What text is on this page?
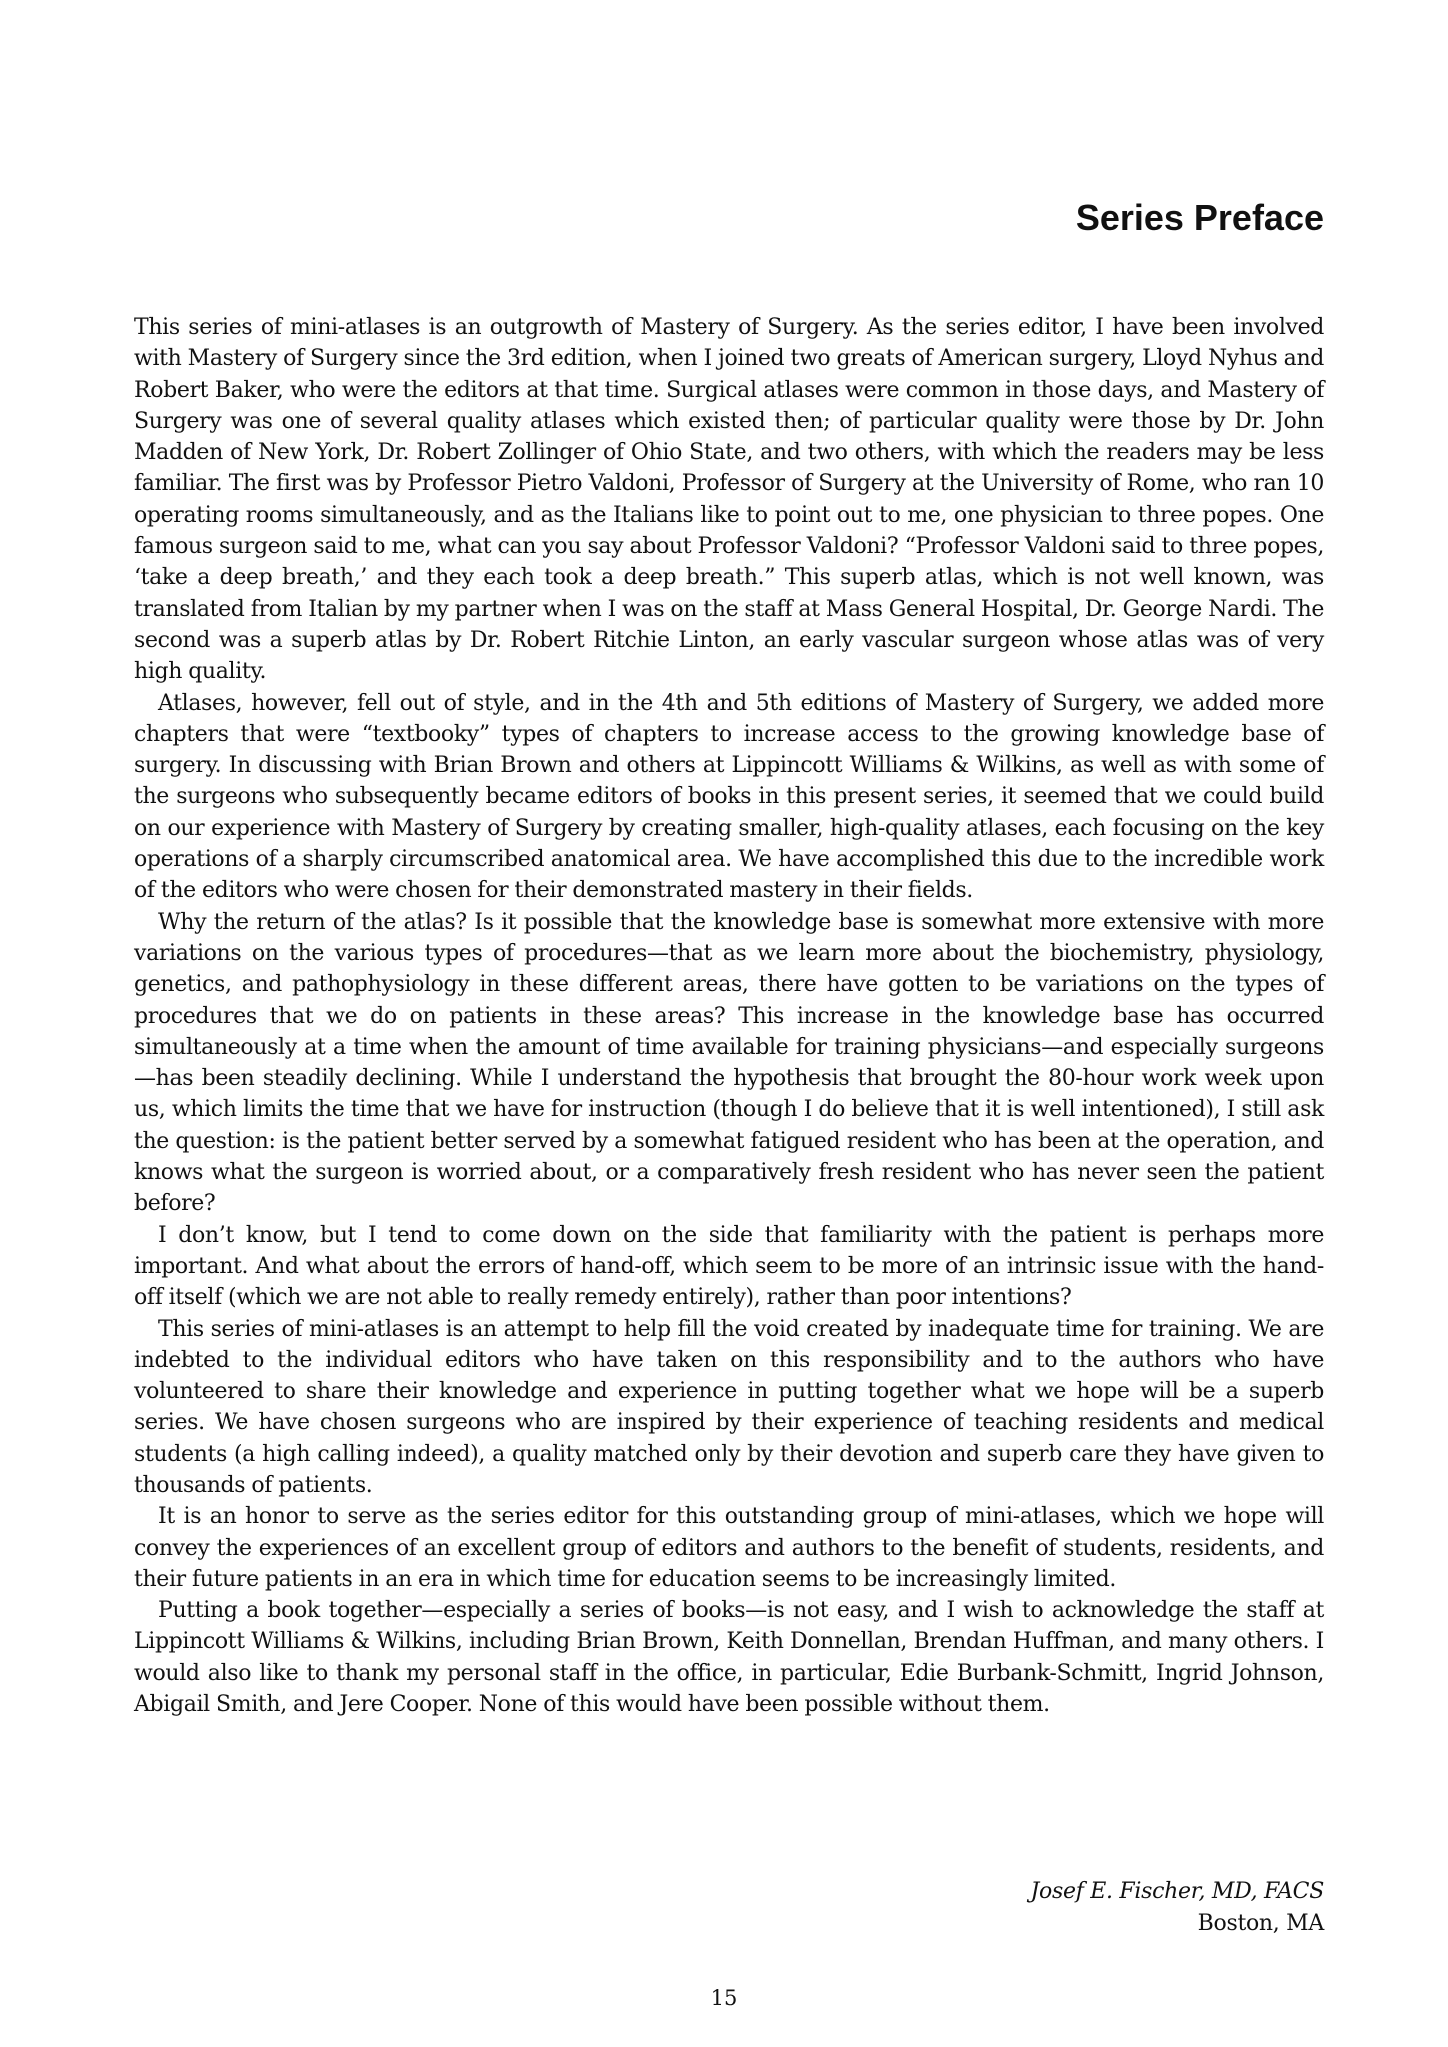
Series Preface

This series of mini-atlases is an outgrowth of Mastery of Surgery. As the series editor, I have been involved with Mastery of Surgery since the 3rd edition, when I joined two greats of American surgery, Lloyd Nyhus and Robert Baker, who were the editors at that time. Surgical atlases were common in those days, and Mastery of Surgery was one of several quality atlases which existed then; of particular quality were those by Dr. John Madden of New York, Dr. Robert Zollinger of Ohio State, and two others, with which the readers may be less familiar. The first was by Professor Pietro Valdoni, Professor of Surgery at the University of Rome, who ran 10 operating rooms simultaneously, and as the Italians like to point out to me, one physician to three popes. One famous surgeon said to me, what can you say about Professor Valdoni? “Professor Valdoni said to three popes, ‘take a deep breath,’ and they each took a deep breath.” This superb atlas, which is not well known, was translated from Italian by my partner when I was on the staff at Mass General Hospital, Dr. George Nardi. The second was a superb atlas by Dr. Robert Ritchie Linton, an early vascular surgeon whose atlas was of very high quality.

Atlases, however, fell out of style, and in the 4th and 5th editions of Mastery of Surgery, we added more chapters that were “textbooky” types of chapters to increase access to the growing knowledge base of surgery. In discussing with Brian Brown and others at Lippincott Williams & Wilkins, as well as with some of the surgeons who subsequently became editors of books in this present series, it seemed that we could build on our experience with Mastery of Surgery by creating smaller, high-quality atlases, each focusing on the key operations of a sharply circumscribed anatomical area. We have accomplished this due to the incredible work of the editors who were chosen for their demonstrated mastery in their fields.

Why the return of the atlas? Is it possible that the knowledge base is somewhat more extensive with more variations on the various types of procedures—that as we learn more about the biochemistry, physiology, genetics, and pathophysiology in these different areas, there have gotten to be variations on the types of procedures that we do on patients in these areas? This increase in the knowledge base has occurred simultaneously at a time when the amount of time available for training physicians—and especially surgeons—has been steadily declining. While I understand the hypothesis that brought the 80-hour work week upon us, which limits the time that we have for instruction (though I do believe that it is well intentioned), I still ask the question: is the patient better served by a somewhat fatigued resident who has been at the operation, and knows what the surgeon is worried about, or a comparatively fresh resident who has never seen the patient before?

I don’t know, but I tend to come down on the side that familiarity with the patient is perhaps more important. And what about the errors of hand-off, which seem to be more of an intrinsic issue with the hand-off itself (which we are not able to really remedy entirely), rather than poor intentions?

This series of mini-atlases is an attempt to help fill the void created by inadequate time for training. We are indebted to the individual editors who have taken on this responsibility and to the authors who have volunteered to share their knowledge and experience in putting together what we hope will be a superb series. We have chosen surgeons who are inspired by their experience of teaching residents and medical students (a high calling indeed), a quality matched only by their devotion and superb care they have given to thousands of patients.

It is an honor to serve as the series editor for this outstanding group of mini-atlases, which we hope will convey the experiences of an excellent group of editors and authors to the benefit of students, residents, and their future patients in an era in which time for education seems to be increasingly limited.

Putting a book together—especially a series of books—is not easy, and I wish to acknowledge the staff at Lippincott Williams & Wilkins, including Brian Brown, Keith Donnellan, Brendan Huffman, and many others. I would also like to thank my personal staff in the office, in particular, Edie Burbank-Schmitt, Ingrid Johnson, Abigail Smith, and Jere Cooper. None of this would have been possible without them.

Josef E. Fischer, MD, FACS
Boston, MA
15
